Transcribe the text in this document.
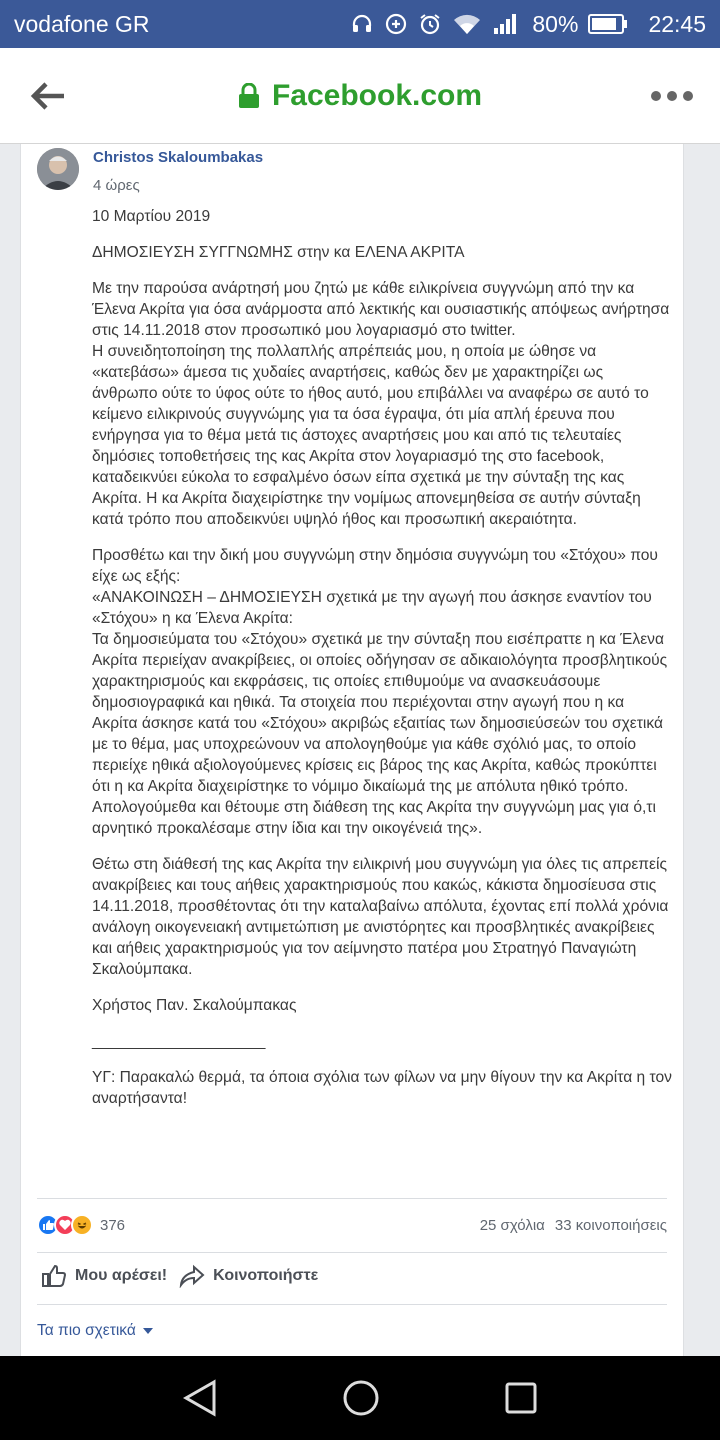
vodafone GR	80%	22:45
Facebook.com
Christos Skaloumbakas
4 ώρες

10 Μαρτίου 2019

ΔΗΜΟΣΙΕΥΣΗ ΣΥΓΓΝΩΜΗΣ στην κα ΕΛΕΝΑ ΑΚΡΙΤΑ

Με την παρούσα ανάρτησή μου ζητώ με κάθε ειλικρίνεια συγγνώμη από την κα Έλενα Ακρίτα για όσα ανάρμοστα από λεκτικής και ουσιαστικής απόψεως ανήρτησα στις 14.11.2018 στον προσωπικό μου λογαριασμό στο twitter.

Η συνειδητοποίηση της πολλαπλής απρέπειάς μου, η οποία με ώθησε να «κατεβάσω» άμεσα τις χυδαίες αναρτήσεις, καθώς δεν με χαρακτηρίζει ως άνθρωπο ούτε το ύφος ούτε το ήθος αυτό, μου επιβάλλει να αναφέρω σε αυτό το κείμενο ειλικρινούς συγγνώμης για τα όσα έγραψα, ότι μία απλή έρευνα που ενήργησα για το θέμα μετά τις άστοχες αναρτήσεις μου και από τις τελευταίες δημόσιες τοποθετήσεις της κας Ακρίτα στον λογαριασμό της στο facebook, καταδεικνύει εύκολα το εσφαλμένο όσων είπα σχετικά με την σύνταξη της κας Ακρίτα. Η κα Ακρίτα διαχειρίστηκε την νομίμως απονεμηθείσα σε αυτήν σύνταξη κατά τρόπο που αποδεικνύει υψηλό ήθος και προσωπική ακεραιότητα.

Προσθέτω και την δική μου συγγνώμη στην δημόσια συγγνώμη του «Στόχου» που είχε ως εξής:

«ΑΝΑΚΟΙΝΩΣΗ – ΔΗΜΟΣΙΕΥΣΗ σχετικά με την αγωγή που άσκησε εναντίον του «Στόχου» η κα Έλενα Ακρίτα:

Τα δημοσιεύματα του «Στόχου» σχετικά με την σύνταξη που εισέπραττε η κα Έλενα Ακρίτα περιείχαν ανακρίβειες, οι οποίες οδήγησαν σε αδικαιολόγητα προσβλητικούς χαρακτηρισμούς και εκφράσεις, τις οποίες επιθυμούμε να ανασκευάσουμε δημοσιογραφικά και ηθικά. Τα στοιχεία που περιέχονται στην αγωγή που η κα Ακρίτα άσκησε κατά του «Στόχου» ακριβώς εξαιτίας των δημοσιεύσεών του σχετικά με το θέμα, μας υποχρεώνουν να απολογηθούμε για κάθε σχόλιό μας, το οποίο περιείχε ηθικά αξιολογούμενες κρίσεις εις βάρος της κας Ακρίτα, καθώς προκύπτει ότι η κα Ακρίτα διαχειρίστηκε το νόμιμο δικαίωμά της με απόλυτα ηθικό τρόπο. Απολογούμεθα και θέτουμε στη διάθεση της κας Ακρίτα την συγγνώμη μας για ό,τι αρνητικό προκαλέσαμε στην ίδια και την οικογένειά της».

Θέτω στη διάθεσή της κας Ακρίτα την ειλικρινή μου συγγνώμη για όλες τις απρεπείς ανακρίβειες και τους αήθεις χαρακτηρισμούς που κακώς, κάκιστα δημοσίευσα στις 14.11.2018, προσθέτοντας ότι την καταλαβαίνω απόλυτα, έχοντας επί πολλά χρόνια ανάλογη οικογενειακή αντιμετώπιση με ανιστόρητες και προσβλητικές ανακρίβειες και αήθεις χαρακτηρισμούς για τον αείμνηστο πατέρα μου Στρατηγό Παναγιώτη Σκαλούμπακα.

Χρήστος Παν. Σκαλούμπακας

____________________

ΥΓ: Παρακαλώ θερμά, τα όποια σχόλια των φίλων να μην θίγουν την κα Ακρίτα η τον αναρτήσαντα!

376	25 σχόλια 33 κοινοποιήσεις
Μου αρέσει!	Κοινοποιήστε
Τα πιο σχετικά
